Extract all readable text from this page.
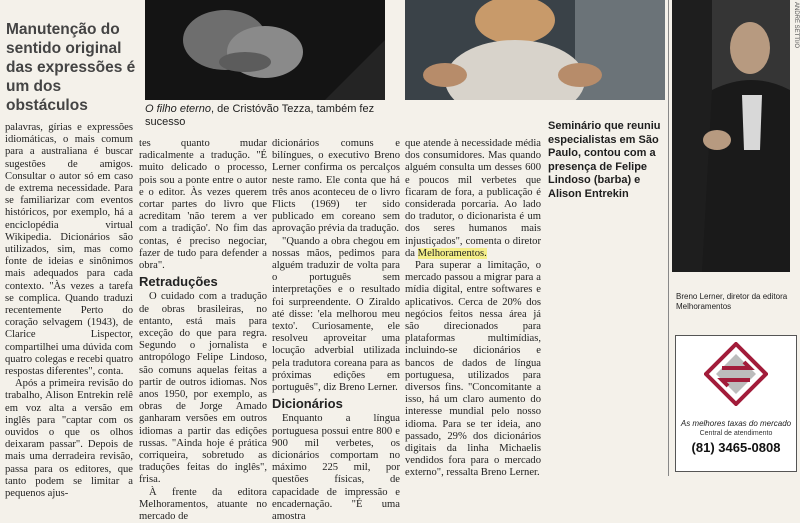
Manutenção do sentido original das expressões é um dos obstáculos	O filho eterno, de Cristóvão Tezza, também fez sucesso
ANDRÉ SETTI/O
Seminário que reuniu especialistas em São Paulo, contou com a presença de Felipe Lindoso (barba) e Alison Entrekin
Breno Lerner, diretor da editora Melhoramentos

palavras, gírias e expressões idiomáticas, o mais comum para a australiana é buscar sugestões de amigos. Consultar o autor só em caso de extrema necessidade. Para se familiarizar com eventos históricos, por exemplo, há a enciclopédia virtual Wikipedia. Dicionários são utilizados, sim, mas como fonte de ideias e sinônimos mais adequados para cada contexto. "Às vezes a tarefa se complica. Quando traduzi recentemente Perto do coração selvagem (1943), de Clarice Lispector, compartilhei uma dúvida com quatro colegas e recebi quatro respostas diferentes", conta.

Após a primeira revisão do trabalho, Alison Entrekin relê em voz alta a versão em inglês para "captar com os ouvidos o que os olhos deixaram passar". Depois de mais uma derradeira revisão, passa para os editores, que tanto podem se limitar a pequenos ajus-

tes quanto mudar radicalmente a tradução. "É muito delicado o processo, pois sou a ponte entre o autor e o editor. Às vezes querem cortar partes do livro que acreditam 'não terem a ver com a tradição'. No fim das contas, é preciso negociar, fazer de tudo para defender a obra".

Retraduções

O cuidado com a tradução de obras brasileiras, no entanto, está mais para exceção do que para regra. Segundo o jornalista e antropólogo Felipe Lindoso, são comuns aquelas feitas a partir de outros idiomas. Nos anos 1950, por exemplo, as obras de Jorge Amado ganharam versões em outros idiomas a partir das edições russas. "Ainda hoje é prática corriqueira, sobretudo as traduções feitas do inglês", frisa.

À frente da editora Melhoramentos, atuante no mercado de

dicionários comuns e bilíngues, o executivo Breno Lerner confirma os percalços neste ramo. Ele conta que há três anos aconteceu de o livro Flicts (1969) ter sido publicado em coreano sem aprovação prévia da tradução.

"Quando a obra chegou em nossas mãos, pedimos para alguém traduzir de volta para o português sem interpretações e o resultado foi surpreendente. O Ziraldo até disse: 'ela melhorou meu texto'. Curiosamente, ele resolveu aproveitar uma locução adverbial utilizada pela tradutora coreana para as próximas edições em português", diz Breno Lerner.

Dicionários

Enquanto a língua portuguesa possui entre 800 e 900 mil verbetes, os dicionários comportam no máximo 225 mil, por questões físicas, de capacidade de impressão e encadernação. "É uma amostra

que atende à necessidade média dos consumidores. Mas quando alguém consulta um desses 600 e poucos mil verbetes que ficaram de fora, a publicação é considerada porcaria. Ao lado do tradutor, o dicionarista é um dos seres humanos mais injustiçados", comenta o diretor da Melhoramentos.

Para superar a limitação, o mercado passou a migrar para a mídia digital, entre softwares e aplicativos. Cerca de 20% dos negócios feitos nessa área já são direcionados para plataformas multimídias, incluindo-se dicionários e bancos de dados de língua portuguesa, utilizados para diversos fins. "Concomitante a isso, há um claro aumento do interesse mundial pelo nosso idioma. Para se ter ideia, ano passado, 29% dos dicionários digitais da linha Michaelis vendidos fora para o mercado externo", ressalta Breno Lerner.

As melhores taxas do mercado
Central de atendimento
(81) 3465-0808
